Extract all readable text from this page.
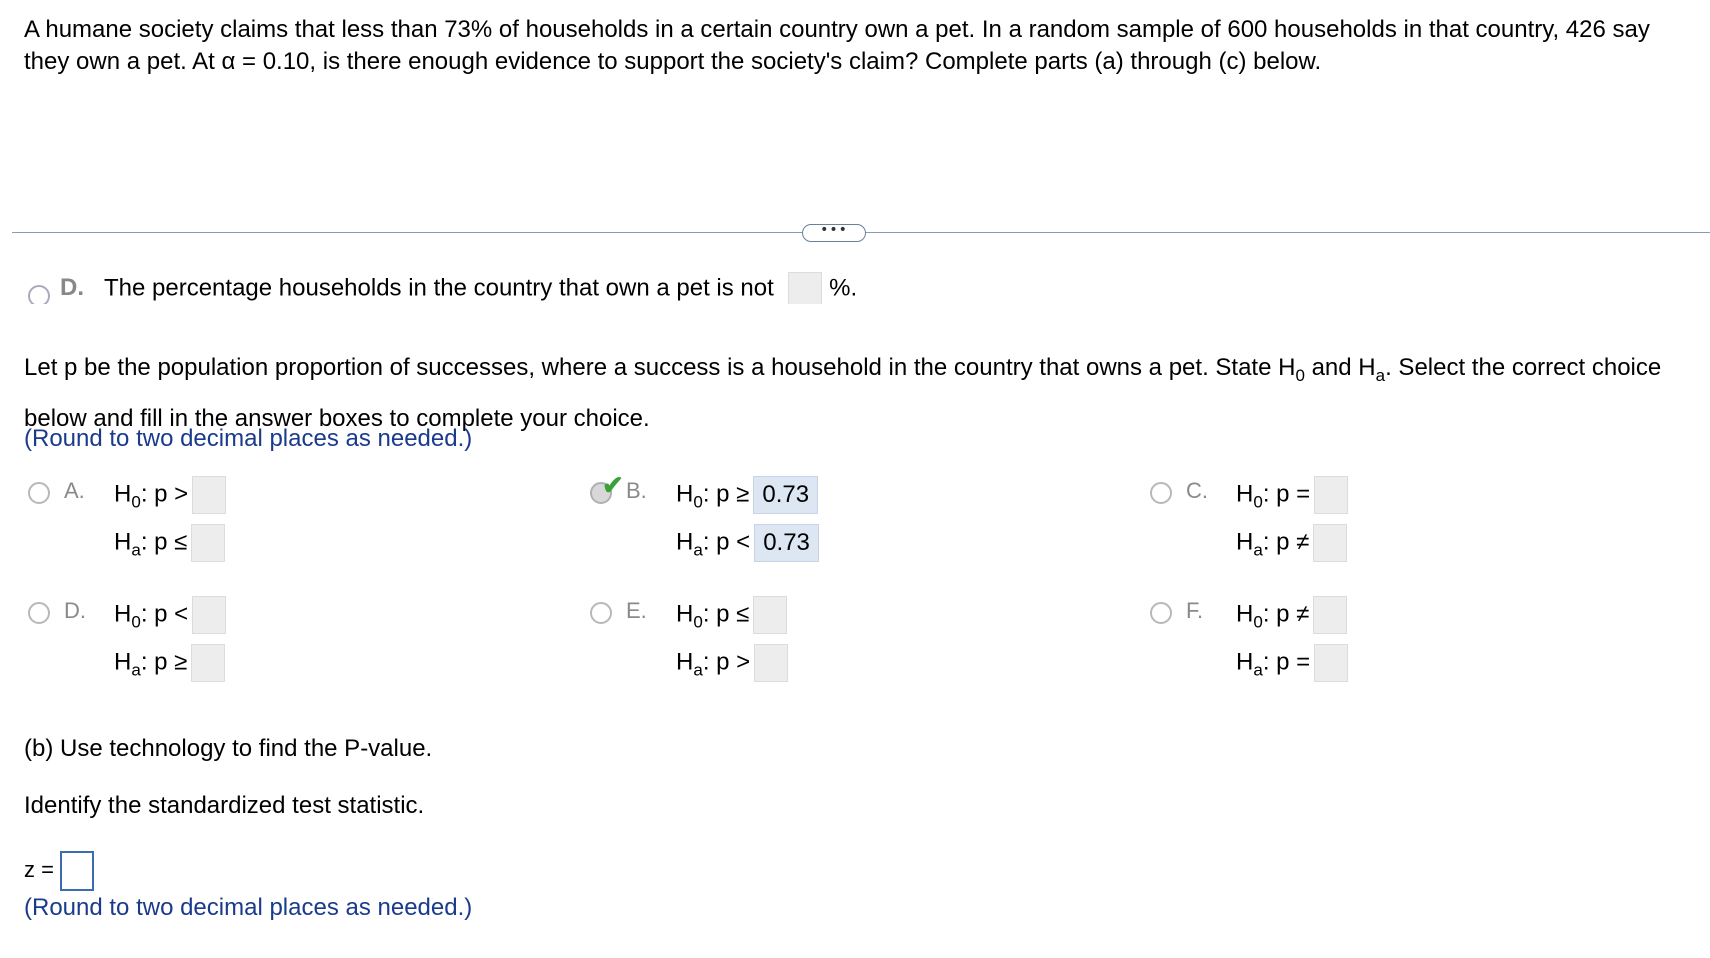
A humane society claims that less than 73% of households in a certain country own a pet. In a random sample of 600 households in that country, 426 say they own a pet. At α = 0.10, is there enough evidence to support the society's claim? Complete parts (a) through (c) below.
•••
D. The percentage households in the country that own a pet is not %.
Let p be the population proportion of successes, where a success is a household in the country that owns a pet. State $H_0$ and $H_a$. Select the correct choice below and fill in the answer boxes to complete your choice.
(Round to two decimal places as needed.)
A. $H_0$: p >
$H_a$: p ≤
✔ B. $H_0$: p ≥ 0.73
$H_a$: p < 0.73
C. $H_0$: p =
$H_a$: p ≠
D. $H_0$: p <
$H_a$: p ≥
E. $H_0$: p ≤
$H_a$: p >
F. $H_0$: p ≠
$H_a$: p =
(b) Use technology to find the P-value.
Identify the standardized test statistic.
z =
(Round to two decimal places as needed.)
